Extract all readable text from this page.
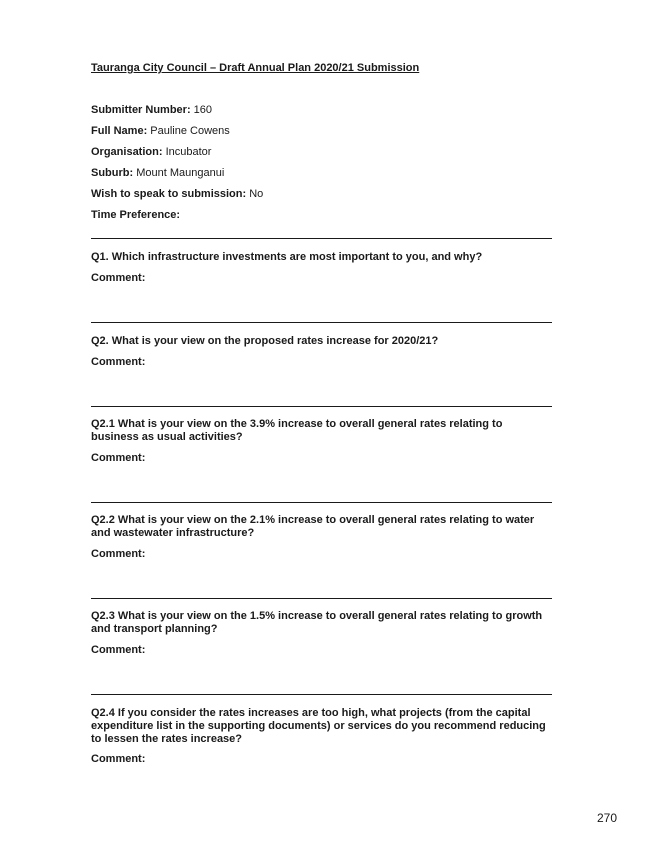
Tauranga City Council – Draft Annual Plan 2020/21 Submission
Submitter Number: 160
Full Name: Pauline Cowens
Organisation: Incubator
Suburb: Mount Maunganui
Wish to speak to submission: No
Time Preference:
Q1. Which infrastructure investments are most important to you, and why?
Comment:
Q2. What is your view on the proposed rates increase for 2020/21?
Comment:
Q2.1 What is your view on the 3.9% increase to overall general rates relating to business as usual activities?
Comment:
Q2.2 What is your view on the 2.1% increase to overall general rates relating to water and wastewater infrastructure?
Comment:
Q2.3 What is your view on the 1.5% increase to overall general rates relating to growth and transport planning?
Comment:
Q2.4 If you consider the rates increases are too high, what projects (from the capital expenditure list in the supporting documents) or services do you recommend reducing to lessen the rates increase?
Comment:
270
